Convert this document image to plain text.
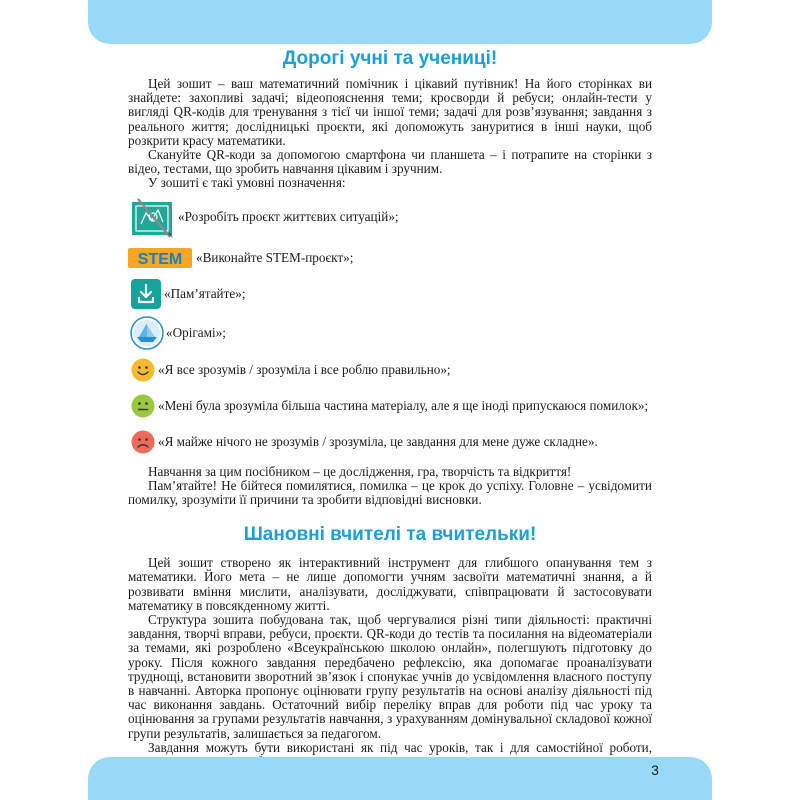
Дорогі учні та учениці!

Цей зошит – ваш математичний помічник і цікавий путівник! На його сторінках ви знайдете: захопливі задачі; відеопояснення теми; кросворди й ребуси; онлайн-тести у вигляді QR-кодів для тренування з тієї чи іншої теми; задачі для розв’язування; завдання з реального життя; дослідницькі проєкти, які допоможуть зануритися в інші науки, щоб розкрити красу математики.

Скануйте QR-коди за допомогою смартфона чи планшета – і потрапите на сторінки з відео, тестами, що зробить навчання цікавим і зручним.

У зошиті є такі умовні позначення:

«Розробіть проєкт життєвих ситуацій»;
STEM «Виконайте STEM-проєкт»;
«Пам’ятайте»;
«Орігамі»;
«Я все зрозумів / зрозуміла і все роблю правильно»;
«Мені була зрозуміла більша частина матеріалу, але я ще іноді припускаюся помилок»;
«Я майже нічого не зрозумів / зрозуміла, це завдання для мене дуже складне».

Навчання за цим посібником – це дослідження, гра, творчість та відкриття!

Пам’ятайте! Не бійтеся помилятися, помилка – це крок до успіху. Головне – усвідомити помилку, зрозуміти її причини та зробити відповідні висновки.

Шановні вчителі та вчительки!

Цей зошит створено як інтерактивний інструмент для глибшого опанування тем з математики. Його мета – не лише допомогти учням засвоїти математичні знання, а й розвивати вміння мислити, аналізувати, досліджувати, співпрацювати й застосовувати математику в повсякденному житті.

Структура зошита побудована так, щоб чергувалися різні типи діяльності: практичні завдання, творчі вправи, ребуси, проєкти. QR-коди до тестів та посилання на відеоматеріали за темами, які розроблено «Всеукраїнською школою онлайн», полегшують підготовку до уроку. Після кожного завдання передбачено рефлексію, яка допомагає проаналізувати труднощі, встановити зворотний зв’язок і спонукає учнів до усвідомлення власного поступу в навчанні. Авторка пропонує оцінювати групу результатів на основі аналізу діяльності під час виконання завдань. Остаточний вибір переліку вправ для роботи під час уроку та оцінювання за групами результатів навчання, з урахуванням домінувальної складової кожної групи результатів, залишається за педагогом.

Завдання можуть бути використані як під час уроків, так і для самостійної роботи,

3
